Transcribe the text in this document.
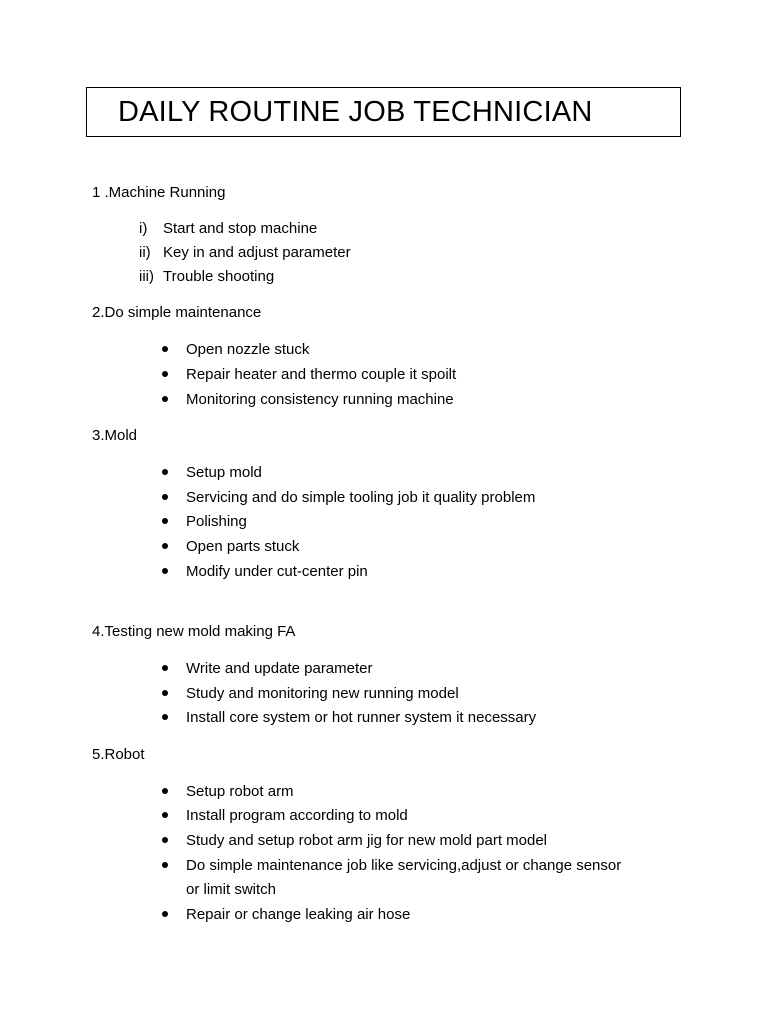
DAILY ROUTINE JOB TECHNICIAN
1 .Machine Running
i) Start and stop machine
ii) Key in and adjust parameter
iii) Trouble shooting
2.Do simple maintenance
Open nozzle stuck
Repair heater and thermo couple it spoilt
Monitoring consistency running machine
3.Mold
Setup mold
Servicing and do simple tooling job it quality problem
Polishing
Open parts stuck
Modify under cut-center pin
4.Testing new mold making FA
Write and update parameter
Study and monitoring new running model
Install core system or hot runner system it necessary
5.Robot
Setup robot arm
Install program according to mold
Study and setup robot arm jig for new mold part model
Do simple maintenance job like servicing,adjust or change sensor
or limit switch
Repair or change leaking air hose
